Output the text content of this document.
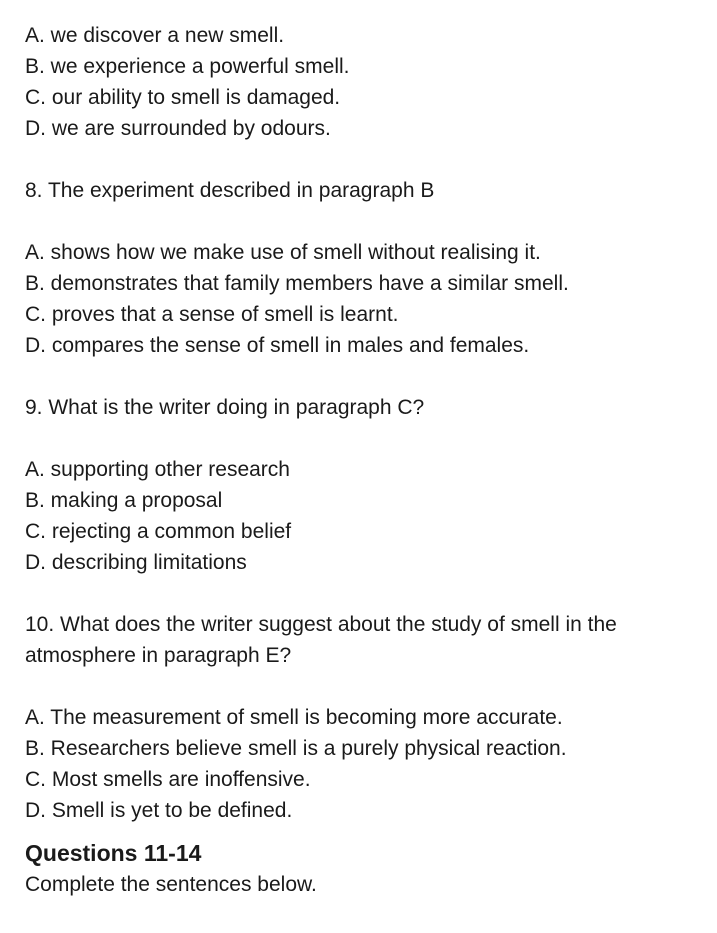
A. we discover a new smell.
B. we experience a powerful smell.
C. our ability to smell is damaged.
D. we are surrounded by odours.
8. The experiment described in paragraph B
A. shows how we make use of smell without realising it.
B. demonstrates that family members have a similar smell.
C. proves that a sense of smell is learnt.
D. compares the sense of smell in males and females.
9. What is the writer doing in paragraph C?
A. supporting other research
B. making a proposal
C. rejecting a common belief
D. describing limitations
10. What does the writer suggest about the study of smell in the atmosphere in paragraph E?
A. The measurement of smell is becoming more accurate.
B. Researchers believe smell is a purely physical reaction.
C. Most smells are inoffensive.
D. Smell is yet to be defined.
Questions 11-14
Complete the sentences below.
